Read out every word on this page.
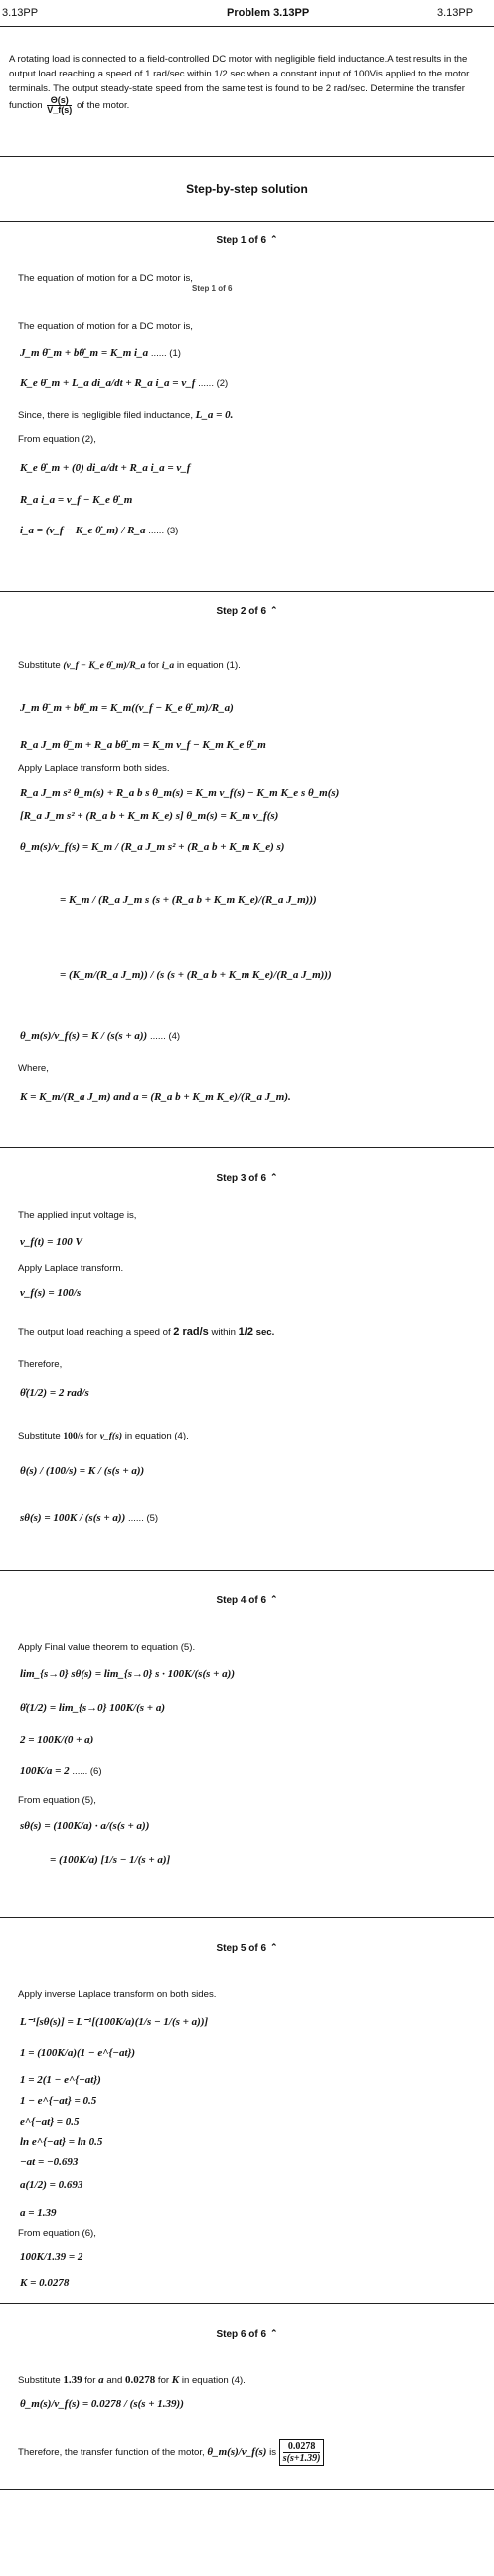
3.13PP	Problem 3.13PP	3.13PP
A rotating load is connected to a field-controlled DC motor with negligible field inductance.A test results in the output load reaching a speed of 1 rad/sec within 1/2 sec when a constant input of 100Vis applied to the motor terminals. The output steady-state speed from the same test is found to be 2 rad/sec. Determine the transfer function $\frac{\Theta(s)}{V\_f(s)}$ of the motor.
Step-by-step solution
Step 1 of 6 ⌃
The equation of motion for a DC motor is,
Step 1 of 6
The equation of motion for a DC motor is,
J_m θ̈_m + bθ̇_m = K_m i_a ...... (1)
K_e θ̇_m + L_a di_a/dt + R_a i_a = v_f ...... (2)
Since, there is negligible filed inductance, L_a = 0.
From equation (2),
K_e θ̇_m + (0) di_a/dt + R_a i_a = v_f
R_a i_a = v_f − K_e θ̇_m
i_a = (v_f − K_e θ̇_m) / R_a ...... (3)
Step 2 of 6 ⌃
Substitute (v_f − K_e θ̇_m)/R_a for i_a in equation (1).
J_m θ̈_m + bθ̇_m = K_m((v_f − K_e θ̇_m)/R_a)
R_a J_m θ̈_m + R_a bθ̇_m = K_m v_f − K_m K_e θ̇_m
Apply Laplace transform both sides.
R_a J_m s² θ_m(s) + R_a b s θ_m(s) = K_m v_f(s) − K_m K_e s θ_m(s)
[R_a J_m s² + (R_a b + K_m K_e) s] θ_m(s) = K_m v_f(s)
θ_m(s)/v_f(s) = K_m / (R_a J_m s² + (R_a b + K_m K_e) s)
= K_m / (R_a J_m s (s + (R_a b + K_m K_e)/(R_a J_m)))
= (K_m/(R_a J_m)) / (s (s + (R_a b + K_m K_e)/(R_a J_m)))
θ_m(s)/v_f(s) = K / (s(s + a)) ...... (4)
Where,
K = K_m/(R_a J_m) and a = (R_a b + K_m K_e)/(R_a J_m).
Step 3 of 6 ⌃
The applied input voltage is,
v_f(t) = 100 V
Apply Laplace transform.
v_f(s) = 100/s
The output load reaching a speed of 2 rad/s within 1/2 sec.
Therefore,
θ̇(1/2) = 2 rad/s
Substitute 100/s for v_f(s) in equation (4).
θ(s) / (100/s) = K / (s(s + a))
sθ(s) = 100K / (s(s + a)) ...... (5)
Step 4 of 6 ⌃
Apply Final value theorem to equation (5).
lim_{s→0} sθ(s) = lim_{s→0} s · 100K/(s(s + a))
θ̇(1/2) = lim_{s→0} 100K/(s + a)
2 = 100K/(0 + a)
100K/a = 2 ...... (6)
From equation (5),
sθ(s) = (100K/a) · a/(s(s + a))
= (100K/a) [1/s − 1/(s + a)]
Step 5 of 6 ⌃
Apply inverse Laplace transform on both sides.
L⁻¹[sθ(s)] = L⁻¹[(100K/a)(1/s − 1/(s + a))]
1 = (100K/a)(1 − e^{−at})
1 = 2(1 − e^{−at})
1 − e^{−at} = 0.5
e^{−at} = 0.5
ln e^{−at} = ln 0.5
−at = −0.693
a(1/2) = 0.693
a = 1.39
From equation (6),
100K/1.39 = 2
K = 0.0278
Step 6 of 6 ⌃
Substitute 1.39 for a and 0.0278 for K in equation (4).
θ_m(s)/v_f(s) = 0.0278 / (s(s + 1.39))
Therefore, the transfer function of the motor, θ_m(s)/v_f(s) is $\frac{0.0278}{s(s+1.39)}$
